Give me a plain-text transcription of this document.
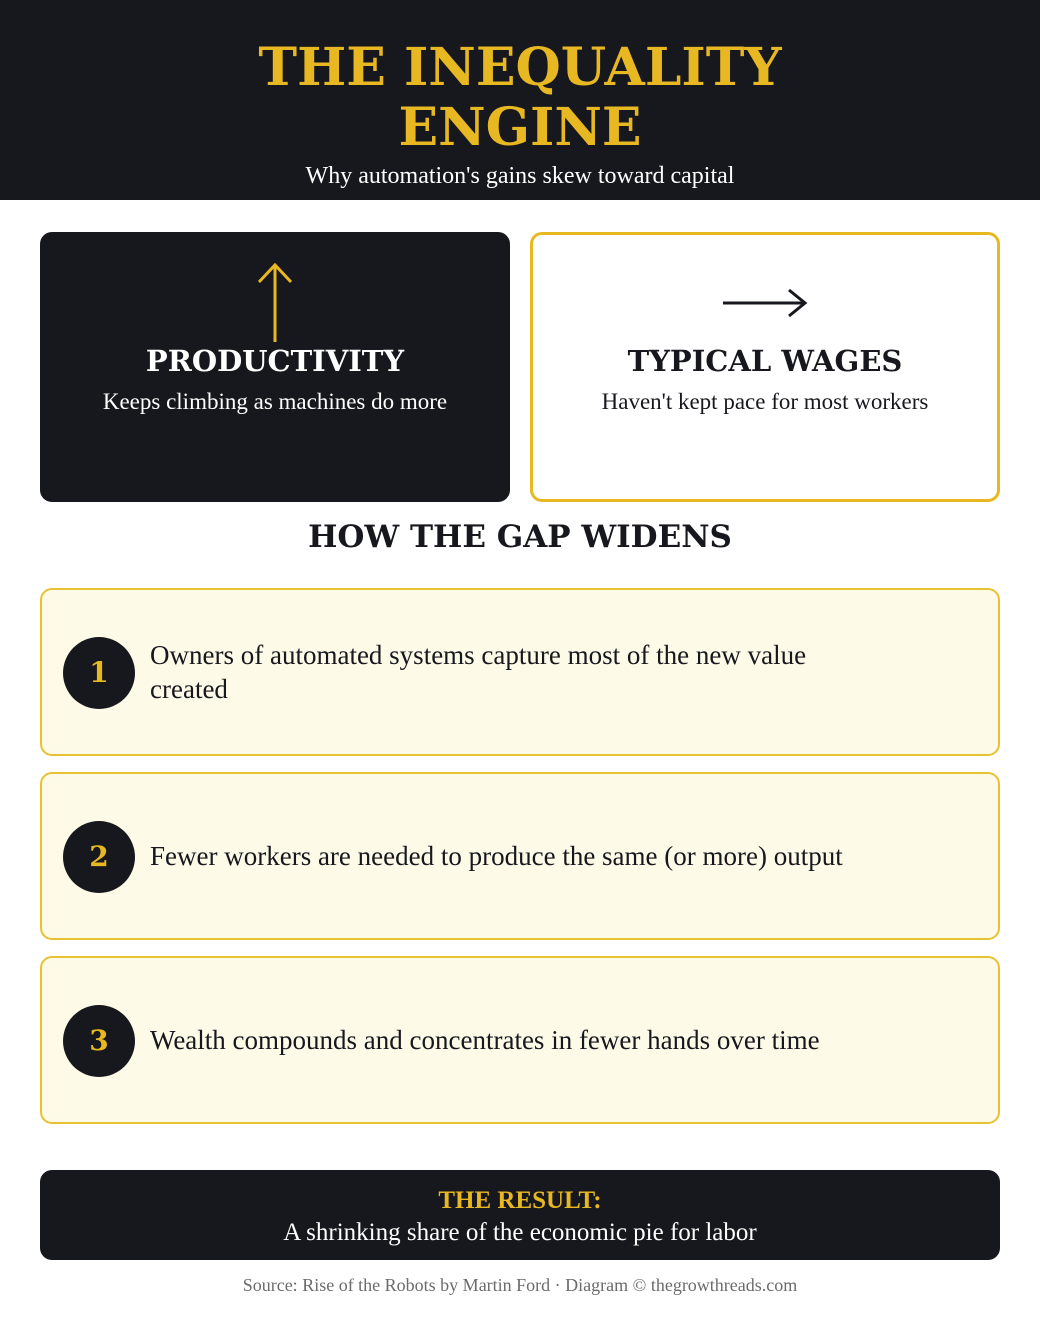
THE INEQUALITY
ENGINE
Why automation's gains skew toward capital
PRODUCTIVITY
Keeps climbing as machines do more
TYPICAL WAGES
Haven't kept pace for most workers
HOW THE GAP WIDENS
1
Owners of automated systems capture most of the new value created
2	Fewer workers are needed to produce the same (or more) output
3	Wealth compounds and concentrates in fewer hands over time
THE RESULT:
A shrinking share of the economic pie for labor
Source: Rise of the Robots by Martin Ford · Diagram © thegrowthreads.com
